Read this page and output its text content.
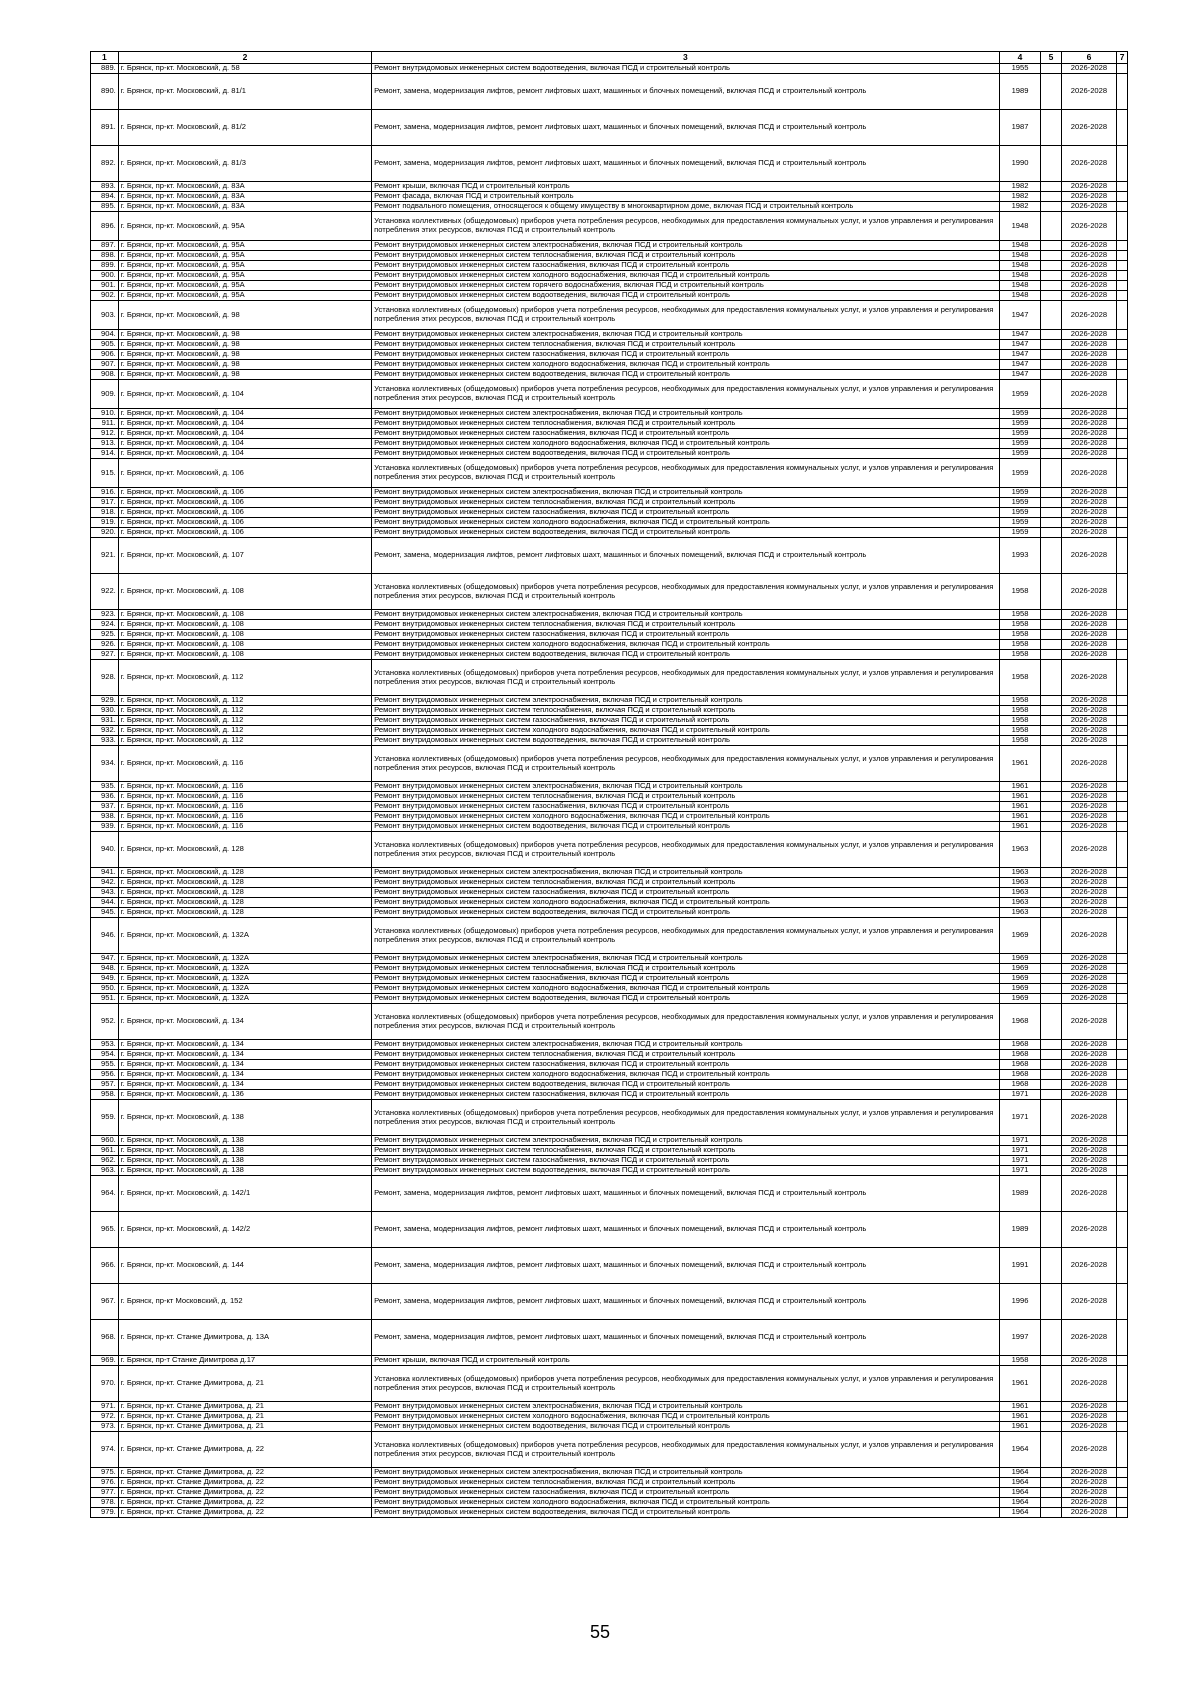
1	2	3	4	5	6	7
889.	г. Брянск, пр-кт. Московский, д. 58	Ремонт внутридомовых инженерных систем водоотведения, включая ПСД и строительный контроль	1955		2026-2028	
890.	г. Брянск, пр-кт. Московский, д. 81/1	Ремонт, замена, модернизация лифтов, ремонт лифтовых шахт, машинных и блочных помещений, включая ПСД и строительный контроль	1989		2026-2028	
891.	г. Брянск, пр-кт. Московский, д. 81/2	Ремонт, замена, модернизация лифтов, ремонт лифтовых шахт, машинных и блочных помещений, включая ПСД и строительный контроль	1987		2026-2028	
892.	г. Брянск, пр-кт. Московский, д. 81/3	Ремонт, замена, модернизация лифтов, ремонт лифтовых шахт, машинных и блочных помещений, включая ПСД и строительный контроль	1990		2026-2028	
893.	г. Брянск, пр-кт. Московский, д. 83А	Ремонт крыши, включая ПСД и строительный контроль	1982		2026-2028	
894.	г. Брянск, пр-кт. Московский, д. 83А	Ремонт фасада, включая ПСД и строительный контроль	1982		2026-2028	
895.	г. Брянск, пр-кт. Московский, д. 83А	Ремонт подвального помещения, относящегося к общему имуществу в многоквартирном доме, включая ПСД и строительный контроль	1982		2026-2028	
896.	г. Брянск, пр-кт. Московский, д. 95А	Установка коллективных (общедомовых) приборов учета потребления ресурсов, необходимых для предоставления коммунальных услуг, и узлов управления и регулирования потребления этих ресурсов, включая ПСД и строительный контроль	1948		2026-2028	
897.	г. Брянск, пр-кт. Московский, д. 95А	Ремонт внутридомовых инженерных систем электроснабжения, включая ПСД и строительный контроль	1948		2026-2028	
898.	г. Брянск, пр-кт. Московский, д. 95А	Ремонт внутридомовых инженерных систем теплоснабжения, включая ПСД и строительный контроль	1948		2026-2028	
899.	г. Брянск, пр-кт. Московский, д. 95А	Ремонт внутридомовых инженерных систем газоснабжения, включая ПСД и строительный контроль	1948		2026-2028	
900.	г. Брянск, пр-кт. Московский, д. 95А	Ремонт внутридомовых инженерных систем холодного водоснабжения, включая ПСД и строительный контроль	1948		2026-2028	
901.	г. Брянск, пр-кт. Московский, д. 95А	Ремонт внутридомовых инженерных систем горячего водоснабжения, включая ПСД и строительный контроль	1948		2026-2028	
902.	г. Брянск, пр-кт. Московский, д. 95А	Ремонт внутридомовых инженерных систем водоотведения, включая ПСД и строительный контроль	1948		2026-2028	
903.	г. Брянск, пр-кт. Московский, д. 98	Установка коллективных (общедомовых) приборов учета потребления ресурсов, необходимых для предоставления коммунальных услуг, и узлов управления и регулирования потребления этих ресурсов, включая ПСД и строительный контроль	1947		2026-2028	
904.	г. Брянск, пр-кт. Московский, д. 98	Ремонт внутридомовых инженерных систем электроснабжения, включая ПСД и строительный контроль	1947		2026-2028	
905.	г. Брянск, пр-кт. Московский, д. 98	Ремонт внутридомовых инженерных систем теплоснабжения, включая ПСД и строительный контроль	1947		2026-2028	
906.	г. Брянск, пр-кт. Московский, д. 98	Ремонт внутридомовых инженерных систем газоснабжения, включая ПСД и строительный контроль	1947		2026-2028	
907.	г. Брянск, пр-кт. Московский, д. 98	Ремонт внутридомовых инженерных систем холодного водоснабжения, включая ПСД и строительный контроль	1947		2026-2028	
908.	г. Брянск, пр-кт. Московский, д. 98	Ремонт внутридомовых инженерных систем водоотведения, включая ПСД и строительный контроль	1947		2026-2028	
909.	г. Брянск, пр-кт. Московский, д. 104	Установка коллективных (общедомовых) приборов учета потребления ресурсов, необходимых для предоставления коммунальных услуг, и узлов управления и регулирования потребления этих ресурсов, включая ПСД и строительный контроль	1959		2026-2028	
910.	г. Брянск, пр-кт. Московский, д. 104	Ремонт внутридомовых инженерных систем электроснабжения, включая ПСД и строительный контроль	1959		2026-2028	
911.	г. Брянск, пр-кт. Московский, д. 104	Ремонт внутридомовых инженерных систем теплоснабжения, включая ПСД и строительный контроль	1959		2026-2028	
912.	г. Брянск, пр-кт. Московский, д. 104	Ремонт внутридомовых инженерных систем газоснабжения, включая ПСД и строительный контроль	1959		2026-2028	
913.	г. Брянск, пр-кт. Московский, д. 104	Ремонт внутридомовых инженерных систем холодного водоснабжения, включая ПСД и строительный контроль	1959		2026-2028	
914.	г. Брянск, пр-кт. Московский, д. 104	Ремонт внутридомовых инженерных систем водоотведения, включая ПСД и строительный контроль	1959		2026-2028	
915.	г. Брянск, пр-кт. Московский, д. 106	Установка коллективных (общедомовых) приборов учета потребления ресурсов, необходимых для предоставления коммунальных услуг, и узлов управления и регулирования потребления этих ресурсов, включая ПСД и строительный контроль	1959		2026-2028	
916.	г. Брянск, пр-кт. Московский, д. 106	Ремонт внутридомовых инженерных систем электроснабжения, включая ПСД и строительный контроль	1959		2026-2028	
917.	г. Брянск, пр-кт. Московский, д. 106	Ремонт внутридомовых инженерных систем теплоснабжения, включая ПСД и строительный контроль	1959		2026-2028	
918.	г. Брянск, пр-кт. Московский, д. 106	Ремонт внутридомовых инженерных систем газоснабжения, включая ПСД и строительный контроль	1959		2026-2028	
919.	г. Брянск, пр-кт. Московский, д. 106	Ремонт внутридомовых инженерных систем холодного водоснабжения, включая ПСД и строительный контроль	1959		2026-2028	
920.	г. Брянск, пр-кт. Московский, д. 106	Ремонт внутридомовых инженерных систем водоотведения, включая ПСД и строительный контроль	1959		2026-2028	
921.	г. Брянск, пр-кт. Московский, д. 107	Ремонт, замена, модернизация лифтов, ремонт лифтовых шахт, машинных и блочных помещений, включая ПСД и строительный контроль	1993		2026-2028	
922.	г. Брянск, пр-кт. Московский, д. 108	Установка коллективных (общедомовых) приборов учета потребления ресурсов, необходимых для предоставления коммунальных услуг, и узлов управления и регулирования потребления этих ресурсов, включая ПСД и строительный контроль	1958		2026-2028	
923.	г. Брянск, пр-кт. Московский, д. 108	Ремонт внутридомовых инженерных систем электроснабжения, включая ПСД и строительный контроль	1958		2026-2028	
924.	г. Брянск, пр-кт. Московский, д. 108	Ремонт внутридомовых инженерных систем теплоснабжения, включая ПСД и строительный контроль	1958		2026-2028	
925.	г. Брянск, пр-кт. Московский, д. 108	Ремонт внутридомовых инженерных систем газоснабжения, включая ПСД и строительный контроль	1958		2026-2028	
926.	г. Брянск, пр-кт. Московский, д. 108	Ремонт внутридомовых инженерных систем холодного водоснабжения, включая ПСД и строительный контроль	1958		2026-2028	
927.	г. Брянск, пр-кт. Московский, д. 108	Ремонт внутридомовых инженерных систем водоотведения, включая ПСД и строительный контроль	1958		2026-2028	
928.	г. Брянск, пр-кт. Московский, д. 112	Установка коллективных (общедомовых) приборов учета потребления ресурсов, необходимых для предоставления коммунальных услуг, и узлов управления и регулирования потребления этих ресурсов, включая ПСД и строительный контроль	1958		2026-2028	
929.	г. Брянск, пр-кт. Московский, д. 112	Ремонт внутридомовых инженерных систем электроснабжения, включая ПСД и строительный контроль	1958		2026-2028	
930.	г. Брянск, пр-кт. Московский, д. 112	Ремонт внутридомовых инженерных систем теплоснабжения, включая ПСД и строительный контроль	1958		2026-2028	
931.	г. Брянск, пр-кт. Московский, д. 112	Ремонт внутридомовых инженерных систем газоснабжения, включая ПСД и строительный контроль	1958		2026-2028	
932.	г. Брянск, пр-кт. Московский, д. 112	Ремонт внутридомовых инженерных систем холодного водоснабжения, включая ПСД и строительный контроль	1958		2026-2028	
933.	г. Брянск, пр-кт. Московский, д. 112	Ремонт внутридомовых инженерных систем водоотведения, включая ПСД и строительный контроль	1958		2026-2028	
934.	г. Брянск, пр-кт. Московский, д. 116	Установка коллективных (общедомовых) приборов учета потребления ресурсов, необходимых для предоставления коммунальных услуг, и узлов управления и регулирования потребления этих ресурсов, включая ПСД и строительный контроль	1961		2026-2028	
935.	г. Брянск, пр-кт. Московский, д. 116	Ремонт внутридомовых инженерных систем электроснабжения, включая ПСД и строительный контроль	1961		2026-2028	
936.	г. Брянск, пр-кт. Московский, д. 116	Ремонт внутридомовых инженерных систем теплоснабжения, включая ПСД и строительный контроль	1961		2026-2028	
937.	г. Брянск, пр-кт. Московский, д. 116	Ремонт внутридомовых инженерных систем газоснабжения, включая ПСД и строительный контроль	1961		2026-2028	
938.	г. Брянск, пр-кт. Московский, д. 116	Ремонт внутридомовых инженерных систем холодного водоснабжения, включая ПСД и строительный контроль	1961		2026-2028	
939.	г. Брянск, пр-кт. Московский, д. 116	Ремонт внутридомовых инженерных систем водоотведения, включая ПСД и строительный контроль	1961		2026-2028	
940.	г. Брянск, пр-кт. Московский, д. 128	Установка коллективных (общедомовых) приборов учета потребления ресурсов, необходимых для предоставления коммунальных услуг, и узлов управления и регулирования потребления этих ресурсов, включая ПСД и строительный контроль	1963		2026-2028	
941.	г. Брянск, пр-кт. Московский, д. 128	Ремонт внутридомовых инженерных систем электроснабжения, включая ПСД и строительный контроль	1963		2026-2028	
942.	г. Брянск, пр-кт. Московский, д. 128	Ремонт внутридомовых инженерных систем теплоснабжения, включая ПСД и строительный контроль	1963		2026-2028	
943.	г. Брянск, пр-кт. Московский, д. 128	Ремонт внутридомовых инженерных систем газоснабжения, включая ПСД и строительный контроль	1963		2026-2028	
944.	г. Брянск, пр-кт. Московский, д. 128	Ремонт внутридомовых инженерных систем холодного водоснабжения, включая ПСД и строительный контроль	1963		2026-2028	
945.	г. Брянск, пр-кт. Московский, д. 128	Ремонт внутридомовых инженерных систем водоотведения, включая ПСД и строительный контроль	1963		2026-2028	
946.	г. Брянск, пр-кт. Московский, д. 132А	Установка коллективных (общедомовых) приборов учета потребления ресурсов, необходимых для предоставления коммунальных услуг, и узлов управления и регулирования потребления этих ресурсов, включая ПСД и строительный контроль	1969		2026-2028	
947.	г. Брянск, пр-кт. Московский, д. 132А	Ремонт внутридомовых инженерных систем электроснабжения, включая ПСД и строительный контроль	1969		2026-2028	
948.	г. Брянск, пр-кт. Московский, д. 132А	Ремонт внутридомовых инженерных систем теплоснабжения, включая ПСД и строительный контроль	1969		2026-2028	
949.	г. Брянск, пр-кт. Московский, д. 132А	Ремонт внутридомовых инженерных систем газоснабжения, включая ПСД и строительный контроль	1969		2026-2028	
950.	г. Брянск, пр-кт. Московский, д. 132А	Ремонт внутридомовых инженерных систем холодного водоснабжения, включая ПСД и строительный контроль	1969		2026-2028	
951.	г. Брянск, пр-кт. Московский, д. 132А	Ремонт внутридомовых инженерных систем водоотведения, включая ПСД и строительный контроль	1969		2026-2028	
952.	г. Брянск, пр-кт. Московский, д. 134	Установка коллективных (общедомовых) приборов учета потребления ресурсов, необходимых для предоставления коммунальных услуг, и узлов управления и регулирования потребления этих ресурсов, включая ПСД и строительный контроль	1968		2026-2028	
953.	г. Брянск, пр-кт. Московский, д. 134	Ремонт внутридомовых инженерных систем электроснабжения, включая ПСД и строительный контроль	1968		2026-2028	
954.	г. Брянск, пр-кт. Московский, д. 134	Ремонт внутридомовых инженерных систем теплоснабжения, включая ПСД и строительный контроль	1968		2026-2028	
955.	г. Брянск, пр-кт. Московский, д. 134	Ремонт внутридомовых инженерных систем газоснабжения, включая ПСД и строительный контроль	1968		2026-2028	
956.	г. Брянск, пр-кт. Московский, д. 134	Ремонт внутридомовых инженерных систем холодного водоснабжения, включая ПСД и строительный контроль	1968		2026-2028	
957.	г. Брянск, пр-кт. Московский, д. 134	Ремонт внутридомовых инженерных систем водоотведения, включая ПСД и строительный контроль	1968		2026-2028	
958.	г. Брянск, пр-кт. Московский, д. 136	Ремонт внутридомовых инженерных систем газоснабжения, включая ПСД и строительный контроль	1971		2026-2028	
959.	г. Брянск, пр-кт. Московский, д. 138	Установка коллективных (общедомовых) приборов учета потребления ресурсов, необходимых для предоставления коммунальных услуг, и узлов управления и регулирования потребления этих ресурсов, включая ПСД и строительный контроль	1971		2026-2028	
960.	г. Брянск, пр-кт. Московский, д. 138	Ремонт внутридомовых инженерных систем электроснабжения, включая ПСД и строительный контроль	1971		2026-2028	
961.	г. Брянск, пр-кт. Московский, д. 138	Ремонт внутридомовых инженерных систем теплоснабжения, включая ПСД и строительный контроль	1971		2026-2028	
962.	г. Брянск, пр-кт. Московский, д. 138	Ремонт внутридомовых инженерных систем газоснабжения, включая ПСД и строительный контроль	1971		2026-2028	
963.	г. Брянск, пр-кт. Московский, д. 138	Ремонт внутридомовых инженерных систем водоотведения, включая ПСД и строительный контроль	1971		2026-2028	
964.	г. Брянск, пр-кт. Московский, д. 142/1	Ремонт, замена, модернизация лифтов, ремонт лифтовых шахт, машинных и блочных помещений, включая ПСД и строительный контроль	1989		2026-2028	
965.	г. Брянск, пр-кт. Московский, д. 142/2	Ремонт, замена, модернизация лифтов, ремонт лифтовых шахт, машинных и блочных помещений, включая ПСД и строительный контроль	1989		2026-2028	
966.	г. Брянск, пр-кт. Московский, д. 144	Ремонт, замена, модернизация лифтов, ремонт лифтовых шахт, машинных и блочных помещений, включая ПСД и строительный контроль	1991		2026-2028	
967.	г. Брянск, пр-кт Московский, д. 152	Ремонт, замена, модернизация лифтов, ремонт лифтовых шахт, машинных и блочных помещений, включая ПСД и строительный контроль	1996		2026-2028	
968.	г. Брянск, пр-кт. Станке Димитрова, д. 13А	Ремонт, замена, модернизация лифтов, ремонт лифтовых шахт, машинных и блочных помещений, включая ПСД и строительный контроль	1997		2026-2028	
969.	г. Брянск, пр-т Станке Димитрова д.17	Ремонт крыши, включая ПСД и строительный контроль	1958		2026-2028	
970.	г. Брянск, пр-кт. Станке Димитрова, д. 21	Установка коллективных (общедомовых) приборов учета потребления ресурсов, необходимых для предоставления коммунальных услуг, и узлов управления и регулирования потребления этих ресурсов, включая ПСД и строительный контроль	1961		2026-2028	
971.	г. Брянск, пр-кт. Станке Димитрова, д. 21	Ремонт внутридомовых инженерных систем электроснабжения, включая ПСД и строительный контроль	1961		2026-2028	
972.	г. Брянск, пр-кт. Станке Димитрова, д. 21	Ремонт внутридомовых инженерных систем холодного водоснабжения, включая ПСД и строительный контроль	1961		2026-2028	
973.	г. Брянск, пр-кт. Станке Димитрова, д. 21	Ремонт внутридомовых инженерных систем водоотведения, включая ПСД и строительный контроль	1961		2026-2028	
974.	г. Брянск, пр-кт. Станке Димитрова, д. 22	Установка коллективных (общедомовых) приборов учета потребления ресурсов, необходимых для предоставления коммунальных услуг, и узлов управления и регулирования потребления этих ресурсов, включая ПСД и строительный контроль	1964		2026-2028	
975.	г. Брянск, пр-кт. Станке Димитрова, д. 22	Ремонт внутридомовых инженерных систем электроснабжения, включая ПСД и строительный контроль	1964		2026-2028	
976.	г. Брянск, пр-кт. Станке Димитрова, д. 22	Ремонт внутридомовых инженерных систем теплоснабжения, включая ПСД и строительный контроль	1964		2026-2028	
977.	г. Брянск, пр-кт. Станке Димитрова, д. 22	Ремонт внутридомовых инженерных систем газоснабжения, включая ПСД и строительный контроль	1964		2026-2028	
978.	г. Брянск, пр-кт. Станке Димитрова, д. 22	Ремонт внутридомовых инженерных систем холодного водоснабжения, включая ПСД и строительный контроль	1964		2026-2028	
979.	г. Брянск, пр-кт. Станке Димитрова, д. 22	Ремонт внутридомовых инженерных систем водоотведения, включая ПСД и строительный контроль	1964		2026-2028	
55
